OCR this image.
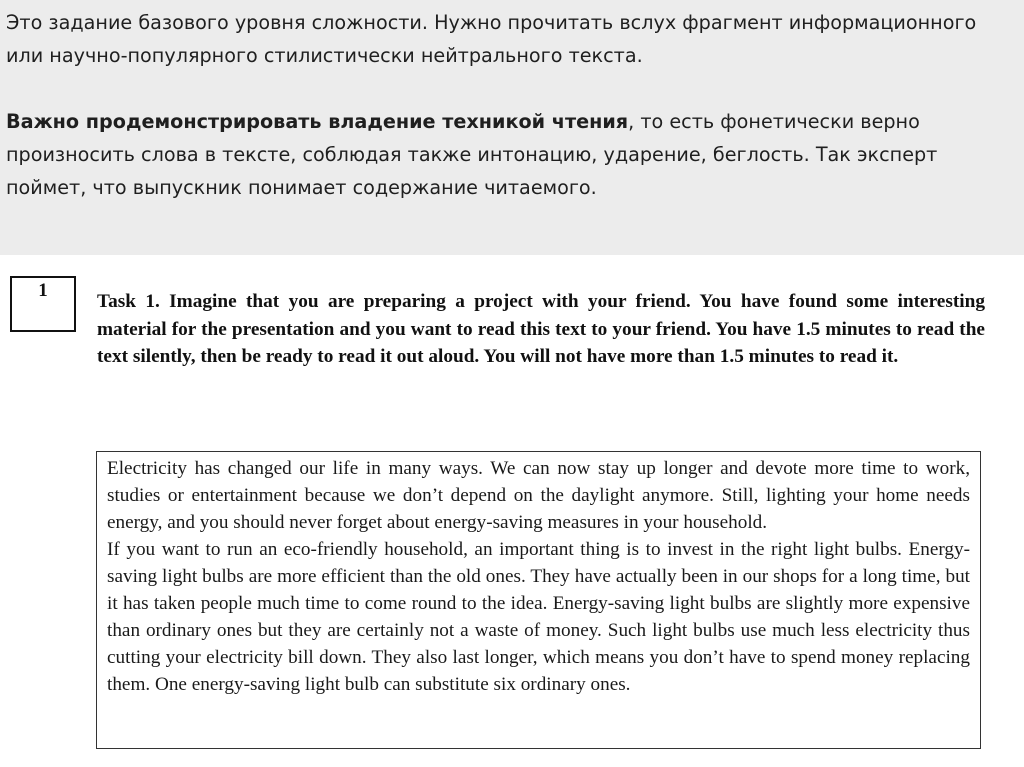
Это задание базового уровня сложности. Нужно прочитать вслух фрагмент информационного или научно-популярного стилистически нейтрального текста.

Важно продемонстрировать владение техникой чтения, то есть фонетически верно произносить слова в тексте, соблюдая также интонацию, ударение, беглость. Так эксперт поймет, что выпускник понимает содержание читаемого.

1

Task 1. Imagine that you are preparing a project with your friend. You have found some interesting material for the presentation and you want to read this text to your friend. You have 1.5 minutes to read the text silently, then be ready to read it out aloud. You will not have more than 1.5 minutes to read it.

Electricity has changed our life in many ways. We can now stay up longer and devote more time to work, studies or entertainment because we don’t depend on the daylight anymore. Still, lighting your home needs energy, and you should never forget about energy-saving measures in your household.

If you want to run an eco-friendly household, an important thing is to invest in the right light bulbs. Energy-saving light bulbs are more efficient than the old ones. They have actually been in our shops for a long time, but it has taken people much time to come round to the idea. Energy-saving light bulbs are slightly more expensive than ordinary ones but they are certainly not a waste of money. Such light bulbs use much less electricity thus cutting your electricity bill down. They also last longer, which means you don’t have to spend money replacing them. One energy-saving light bulb can substitute six ordinary ones.
